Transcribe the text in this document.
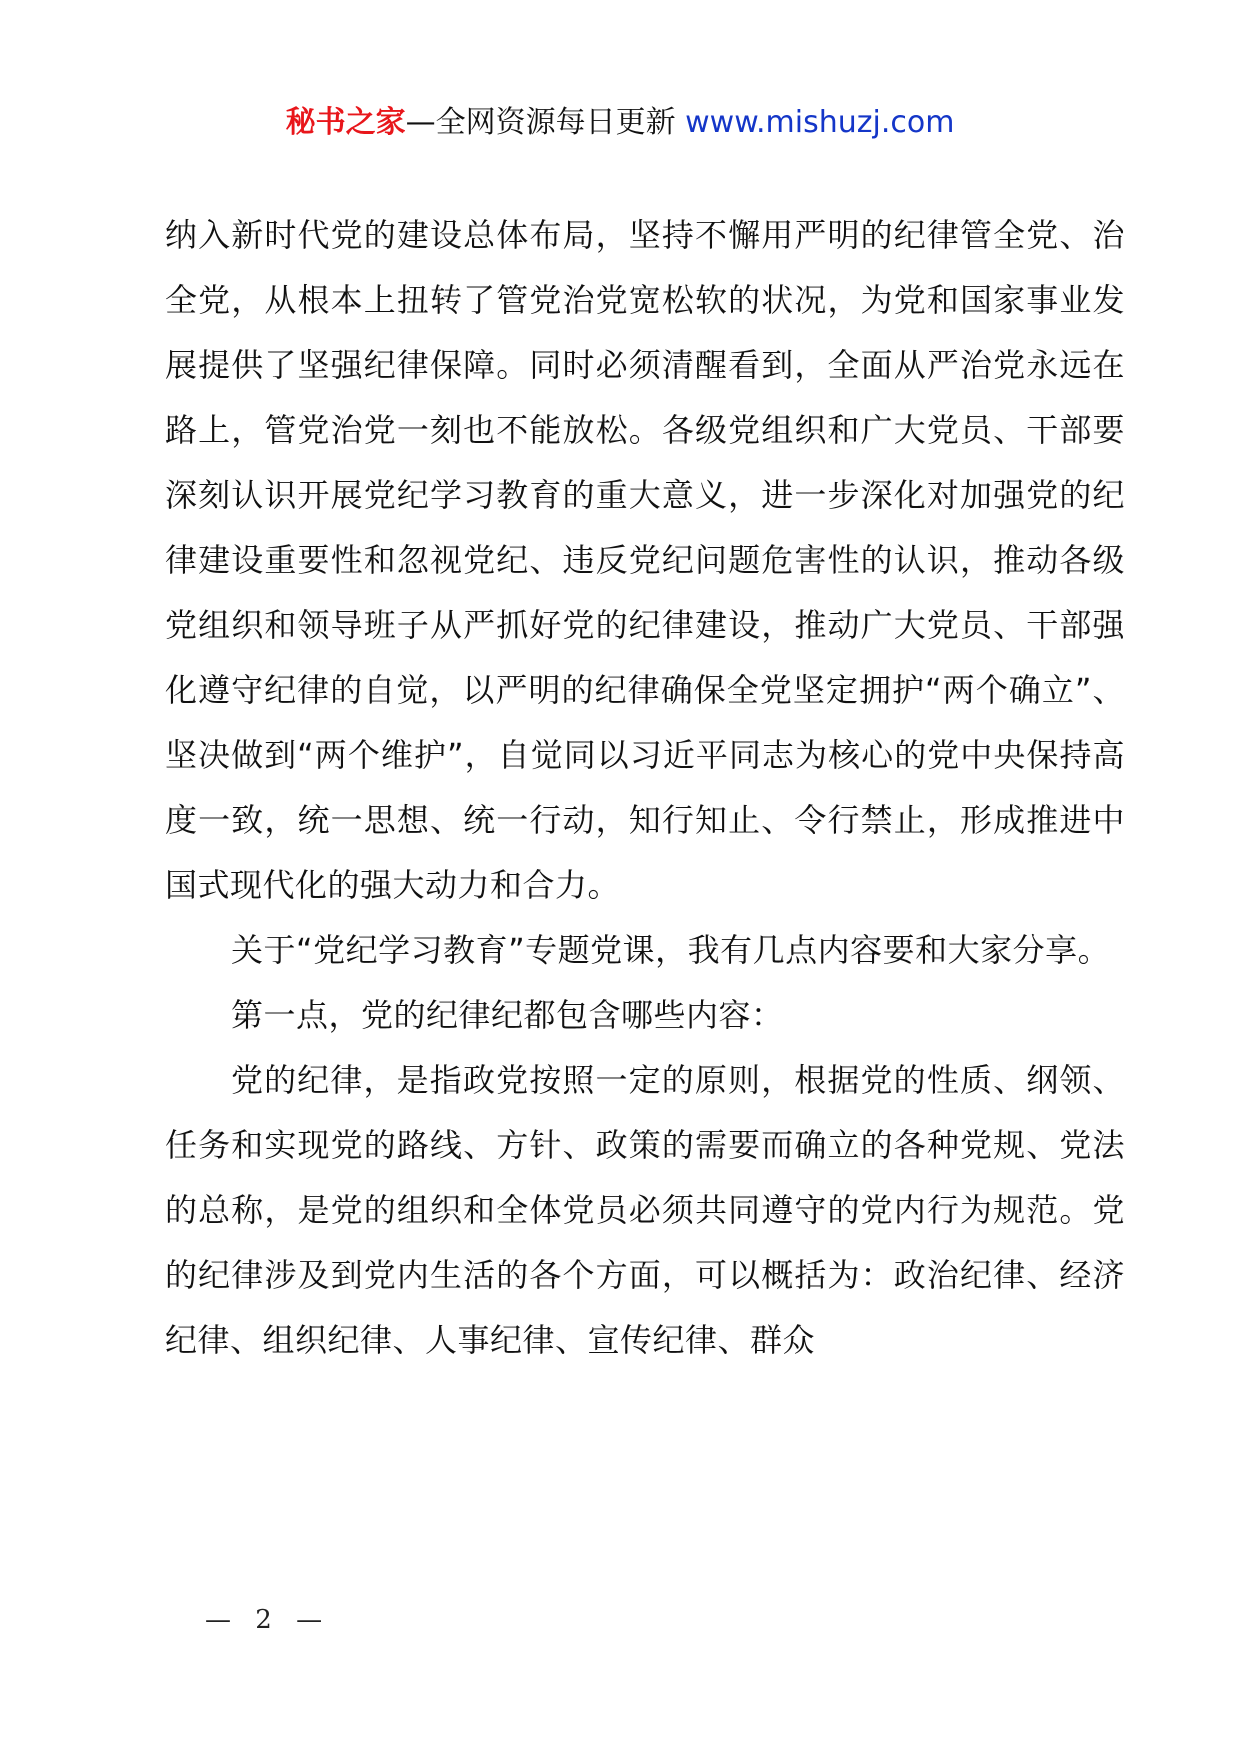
秘书之家—全网资源每日更新 www.mishuzj.com

纳入新时代党的建设总体布局，坚持不懈用严明的纪律管全党、治全党，从根本上扭转了管党治党宽松软的状况，为党和国家事业发展提供了坚强纪律保障。同时必须清醒看到，全面从严治党永远在路上，管党治党一刻也不能放松。各级党组织和广大党员、干部要深刻认识开展党纪学习教育的重大意义，进一步深化对加强党的纪律建设重要性和忽视党纪、违反党纪问题危害性的认识，推动各级党组织和领导班子从严抓好党的纪律建设，推动广大党员、干部强化遵守纪律的自觉，以严明的纪律确保全党坚定拥护“两个确立”、坚决做到“两个维护”，自觉同以习近平同志为核心的党中央保持高度一致，统一思想、统一行动，知行知止、令行禁止，形成推进中国式现代化的强大动力和合力。

关于“党纪学习教育”专题党课，我有几点内容要和大家分享。

第一点，党的纪律纪都包含哪些内容：

党的纪律，是指政党按照一定的原则，根据党的性质、纲领、任务和实现党的路线、方针、政策的需要而确立的各种党规、党法的总称，是党的组织和全体党员必须共同遵守的党内行为规范。党的纪律涉及到党内生活的各个方面，可以概括为：政治纪律、经济纪律、组织纪律、人事纪律、宣传纪律、群众

— 2 —
